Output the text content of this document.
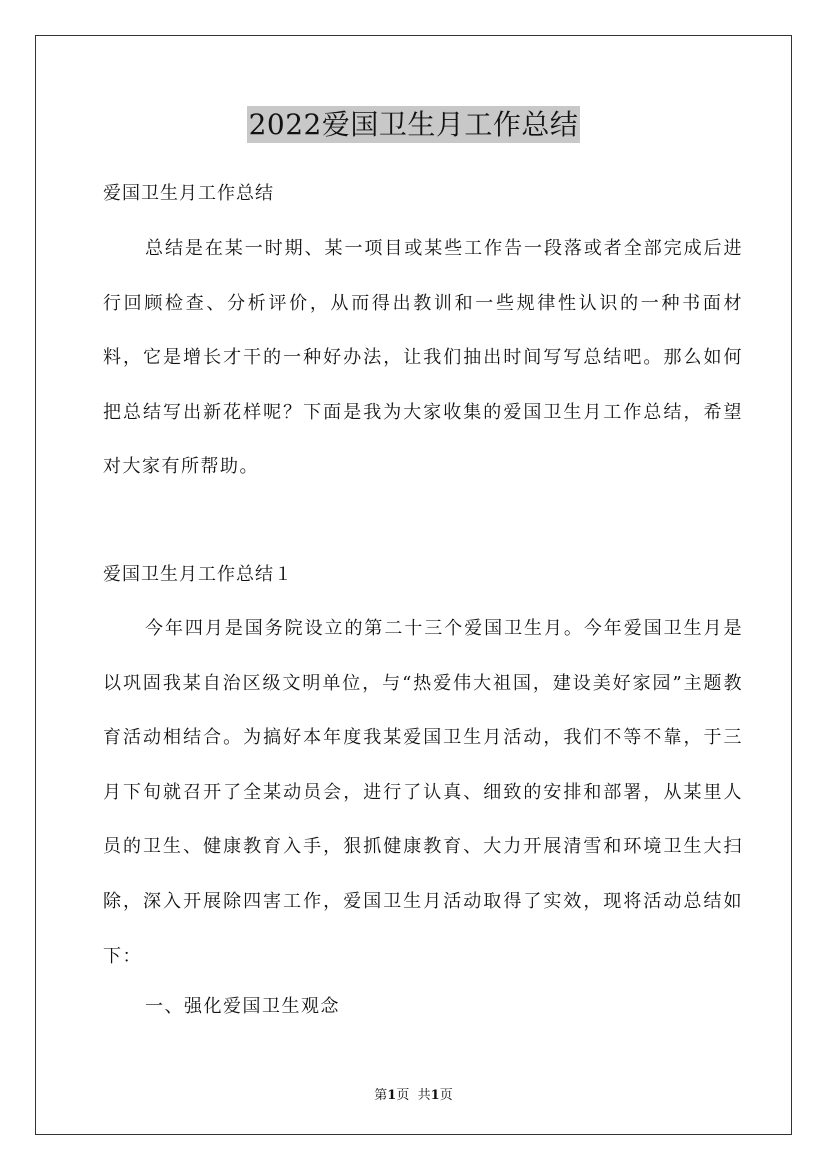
2022爱国卫生月工作总结
爱国卫生月工作总结
总结是在某一时期、某一项目或某些工作告一段落或者全部完成后进行回顾检查、分析评价，从而得出教训和一些规律性认识的一种书面材料，它是增长才干的一种好办法，让我们抽出时间写写总结吧。那么如何把总结写出新花样呢？下面是我为大家收集的爱国卫生月工作总结，希望对大家有所帮助。
爱国卫生月工作总结１
今年四月是国务院设立的第二十三个爱国卫生月。今年爱国卫生月是以巩固我某自治区级文明单位，与“热爱伟大祖国，建设美好家园”主题教育活动相结合。为搞好本年度我某爱国卫生月活动，我们不等不靠，于三月下旬就召开了全某动员会，进行了认真、细致的安排和部署，从某里人员的卫生、健康教育入手，狠抓健康教育、大力开展清雪和环境卫生大扫除，深入开展除四害工作，爱国卫生月活动取得了实效，现将活动总结如下：
一、强化爱国卫生观念
第1页 共1页
